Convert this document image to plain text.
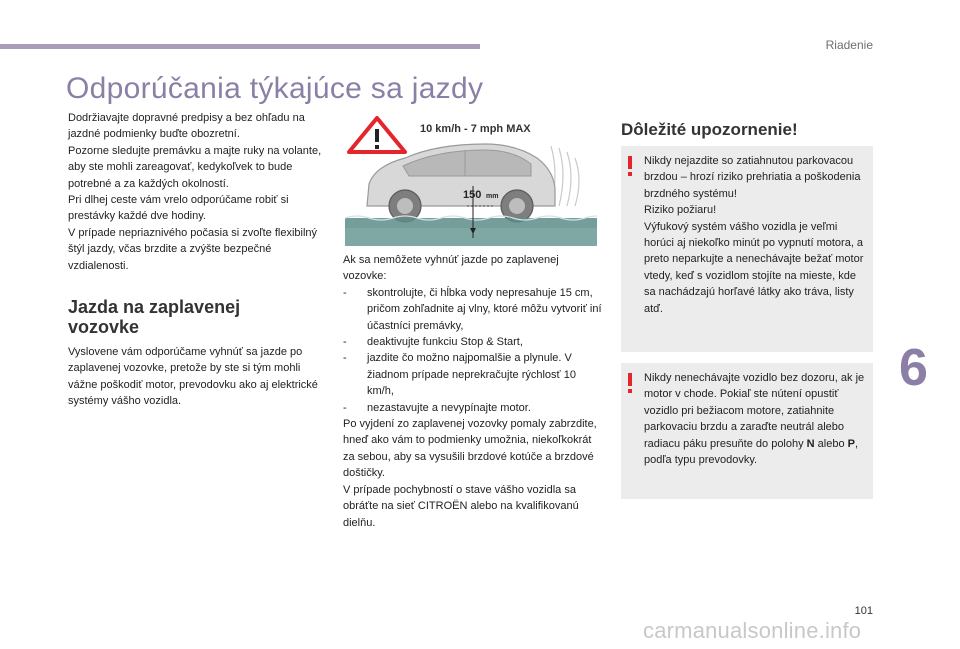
Riadenie
Odporúčania týkajúce sa jazdy

Dodržiavajte dopravné predpisy a bez ohľadu na jazdné podmienky buďte obozretní.

Pozorne sledujte premávku a majte ruky na volante, aby ste mohli zareagovať, kedykoľvek to bude potrebné a za každých okolností.

Pri dlhej ceste vám vrelo odporúčame robiť si prestávky každé dve hodiny.

V prípade nepriaznivého počasia si zvoľte flexibilný štýl jazdy, včas brzdite a zvýšte bezpečné vzdialenosti.

Jazda na zaplavenej vozovke
Vyslovene vám odporúčame vyhnúť sa jazde po zaplavenej vozovke, pretože by ste si tým mohli vážne poškodiť motor, prevodovku ako aj elektrické systémy vášho vozidla.
10 km/h - 7 mph MAX
150 mm

Ak sa nemôžete vyhnúť jazde po zaplavenej vozovke:

-	skontrolujte, či hĺbka vody nepresahuje 15 cm, pričom zohľadnite aj vlny, ktoré môžu vytvoriť iní účastníci premávky,
-	deaktivujte funkciu Stop & Start,
-	jazdite čo možno najpomalšie a plynule. V žiadnom prípade neprekračujte rýchlosť 10 km/h,
-	nezastavujte a nevypínajte motor.

Po vyjdení zo zaplavenej vozovky pomaly zabrzdite, hneď ako vám to podmienky umožnia, niekoľkokrát za sebou, aby sa vysušili brzdové kotúče a brzdové doštičky.

V prípade pochybností o stave vášho vozidla sa obráťte na sieť CITROËN alebo na kvalifikovanú dielňu.

Dôležité upozornenie!

Nikdy nejazdite so zatiahnutou parkovacou brzdou – hrozí riziko prehriatia a poškodenia brzdného systému!

Riziko požiaru!

Výfukový systém vášho vozidla je veľmi horúci aj niekoľko minút po vypnutí motora, a preto neparkujte a nenechávajte bežať motor vtedy, keď s vozidlom stojíte na mieste, kde sa nachádzajú horľavé látky ako tráva, listy atď.

Nikdy nenechávajte vozidlo bez dozoru, ak je motor v chode. Pokiaľ ste nútení opustiť vozidlo pri bežiacom motore, zatiahnite parkovaciu brzdu a zaraďte neutrál alebo radiacu páku presuňte do polohy N alebo P, podľa typu prevodovky.
6
101
carmanualsonline.info
